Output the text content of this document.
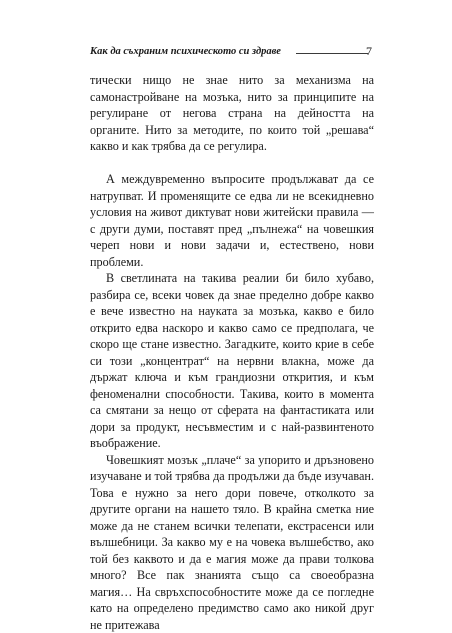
Как да съхраним психическото си здраве	7

тически нищо не знае нито за механизма на самонастройване на мозъка, нито за принципите на регулиране от негова страна на дейността на органите. Нито за методите, по които той „решава“ какво и как трябва да се регулира.

А междувременно въпросите продължават да се натрупват. И променящите се едва ли не всекидневно условия на живот диктуват нови житейски правила — с други думи, поставят пред „пълнежа“ на човешкия череп нови и нови задачи и, естествено, нови проблеми.

В светлината на такива реалии би било хубаво, разбира се, всеки човек да знае пределно добре какво е вече известно на науката за мозъка, какво е било открито едва наскоро и какво само се предполага, че скоро ще стане известно. Загадките, които крие в себе си този „концентрат“ на нервни влакна, може да държат ключа и към грандиозни открития, и към феноменални способности. Такива, които в момента са смятани за нещо от сферата на фантастиката или дори за продукт, несъвместим и с най-развинтеното въображение.

Човешкият мозък „плаче“ за упорито и дръзновено изучаване и той трябва да продължи да бъде изучаван. Това е нужно за него дори повече, отколкото за другите органи на нашето тяло. В крайна сметка ние може да не станем всички телепати, екстрасенси или вълшебници. За какво му е на човека вълшебство, ако той без каквото и да е магия може да прави толкова много? Все пак знанията също са своеобразна магия… На свръхспособностите може да се погледне като на определено предимство само ако никой друг не притежава
